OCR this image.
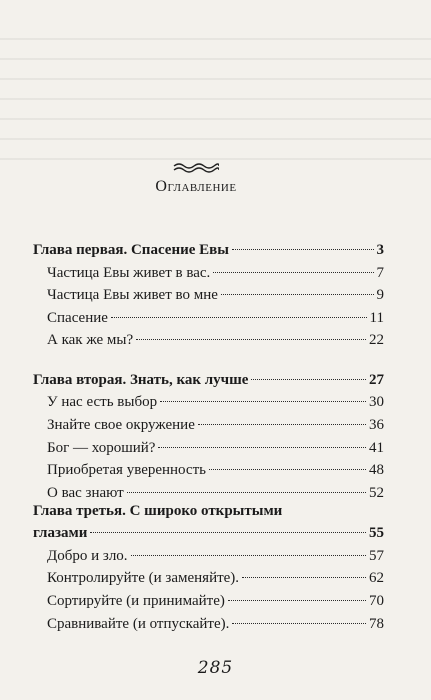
Оглавление
Глава первая. Спасение Евы	3
Частица Евы живет в вас.	7
Частица Евы живет во мне	9
Спасение	11
А как же мы?	22
Глава вторая. Знать, как лучше	27
У нас есть выбор	30
Знайте свое окружение	36
Бог — хороший?	41
Приобретая уверенность	48
О вас знают	52
Глава третья. С широко открытыми
глазами	55
Добро и зло.	57
Контролируйте (и заменяйте).	62
Сортируйте (и принимайте)	70
Сравнивайте (и отпускайте).	78
285
